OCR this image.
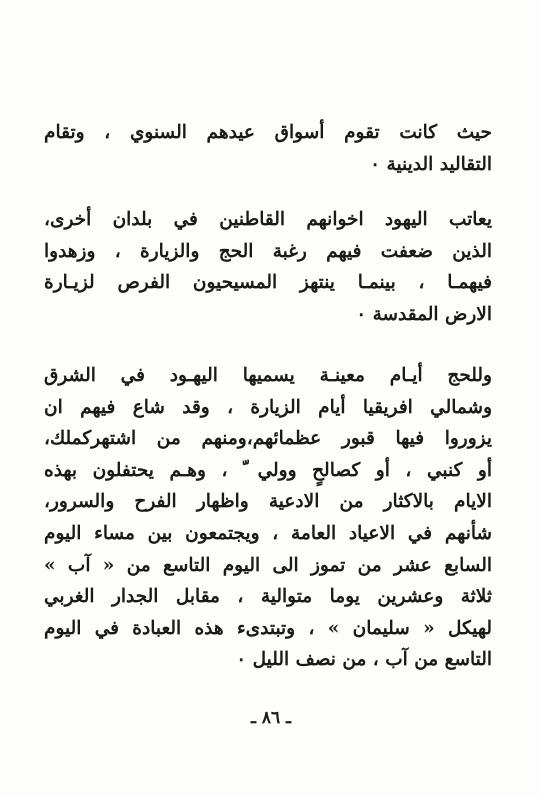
حيث كانت تقوم أسواق عيدهم السنوي ، وتقام
التقاليد الدينية ٠
يعاتب اليهود اخوانهم القاطنين في بلدان أخرى،
الذين ضعفت فيهم رغبة الحج والزيارة ، وزهدوا
فيهمـا ، بينمـا ينتهز المسيحيون الفرص لزيـارة
الارض المقدسة ٠
وللحج أيـام معينـة يسميها اليهـود في الشرق
وشمالي افريقيا أيام الزيارة ، وقد شاع فيهم ان
يزوروا فيها قبور عظمائهم،ومنهم من اشتهركملك،
أو كنبي ، أو كصالحٍ وولي ّ ، وهـم يحتفلون بهذه
الايام بالاكثار من الادعية واظهار الفرح والسرور،
شأنهم في الاعياد العامة ، ويجتمعون بين مساء اليوم
السابع عشر من تموز الى اليوم التاسع من « آب »
ثلاثة وعشرين يوما متوالية ، مقابل الجدار الغربي
لهيكل « سليمان » ، وتبتدىء هذه العبادة في اليوم
التاسع من آب ، من نصف الليل ٠
ـ ٨٦ ـ
